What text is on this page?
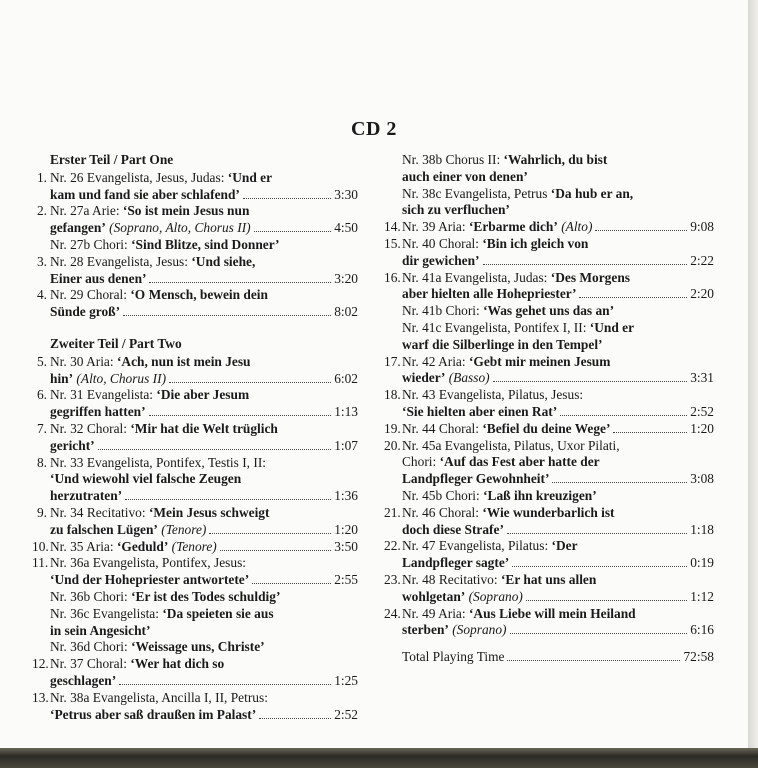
CD 2
Erster Teil / Part One
1. Nr. 26 Evangelista, Jesus, Judas: ‘Und er
kam und fand sie aber schlafend’	3:30
2. Nr. 27a Arie: ‘So ist mein Jesus nun
gefangen’ (Soprano, Alto, Chorus II)	4:50
Nr. 27b Chori: ‘Sind Blitze, sind Donner’
3. Nr. 28 Evangelista, Jesus: ‘Und siehe,
Einer aus denen’	3:20
4. Nr. 29 Choral: ‘O Mensch, bewein dein
Sünde groß’	8:02
Zweiter Teil / Part Two
5. Nr. 30 Aria: ‘Ach, nun ist mein Jesu
hin’ (Alto, Chorus II)	6:02
6. Nr. 31 Evangelista: ‘Die aber Jesum
gegriffen hatten’	1:13
7. Nr. 32 Choral: ‘Mir hat die Welt trüglich
gericht’	1:07
8. Nr. 33 Evangelista, Pontifex, Testis I, II:
‘Und wiewohl viel falsche Zeugen
herzutraten’	1:36
9. Nr. 34 Recitativo: ‘Mein Jesus schweigt
zu falschen Lügen’ (Tenore)	1:20
10. Nr. 35 Aria: ‘Geduld’ (Tenore)	3:50
11. Nr. 36a Evangelista, Pontifex, Jesus:
‘Und der Hohepriester antwortete’	2:55
Nr. 36b Chori: ‘Er ist des Todes schuldig’
Nr. 36c Evangelista: ‘Da speieten sie aus
in sein Angesicht’
Nr. 36d Chori: ‘Weissage uns, Christe’
12. Nr. 37 Choral: ‘Wer hat dich so
geschlagen’	1:25
13. Nr. 38a Evangelista, Ancilla I, II, Petrus:
‘Petrus aber saß draußen im Palast’	2:52
Nr. 38b Chorus II: ‘Wahrlich, du bist
auch einer von denen’
Nr. 38c Evangelista, Petrus ‘Da hub er an,
sich zu verfluchen’
14. Nr. 39 Aria: ‘Erbarme dich’ (Alto)	9:08
15. Nr. 40 Choral: ‘Bin ich gleich von
dir gewichen’	2:22
16. Nr. 41a Evangelista, Judas: ‘Des Morgens
aber hielten alle Hohepriester’	2:20
Nr. 41b Chori: ‘Was gehet uns das an’
Nr. 41c Evangelista, Pontifex I, II: ‘Und er
warf die Silberlinge in den Tempel’
17. Nr. 42 Aria: ‘Gebt mir meinen Jesum
wieder’ (Basso)	3:31
18. Nr. 43 Evangelista, Pilatus, Jesus:
‘Sie hielten aber einen Rat’	2:52
19. Nr. 44 Choral: ‘Befiel du deine Wege’	1:20
20. Nr. 45a Evangelista, Pilatus, Uxor Pilati,
Chori: ‘Auf das Fest aber hatte der
Landpfleger Gewohnheit’	3:08
Nr. 45b Chori: ‘Laß ihn kreuzigen’
21. Nr. 46 Choral: ‘Wie wunderbarlich ist
doch diese Strafe’	1:18
22. Nr. 47 Evangelista, Pilatus: ‘Der
Landpfleger sagte’	0:19
23. Nr. 48 Recitativo: ‘Er hat uns allen
wohlgetan’ (Soprano)	1:12
24. Nr. 49 Aria: ‘Aus Liebe will mein Heiland
sterben’ (Soprano)	6:16
Total Playing Time	72:58
